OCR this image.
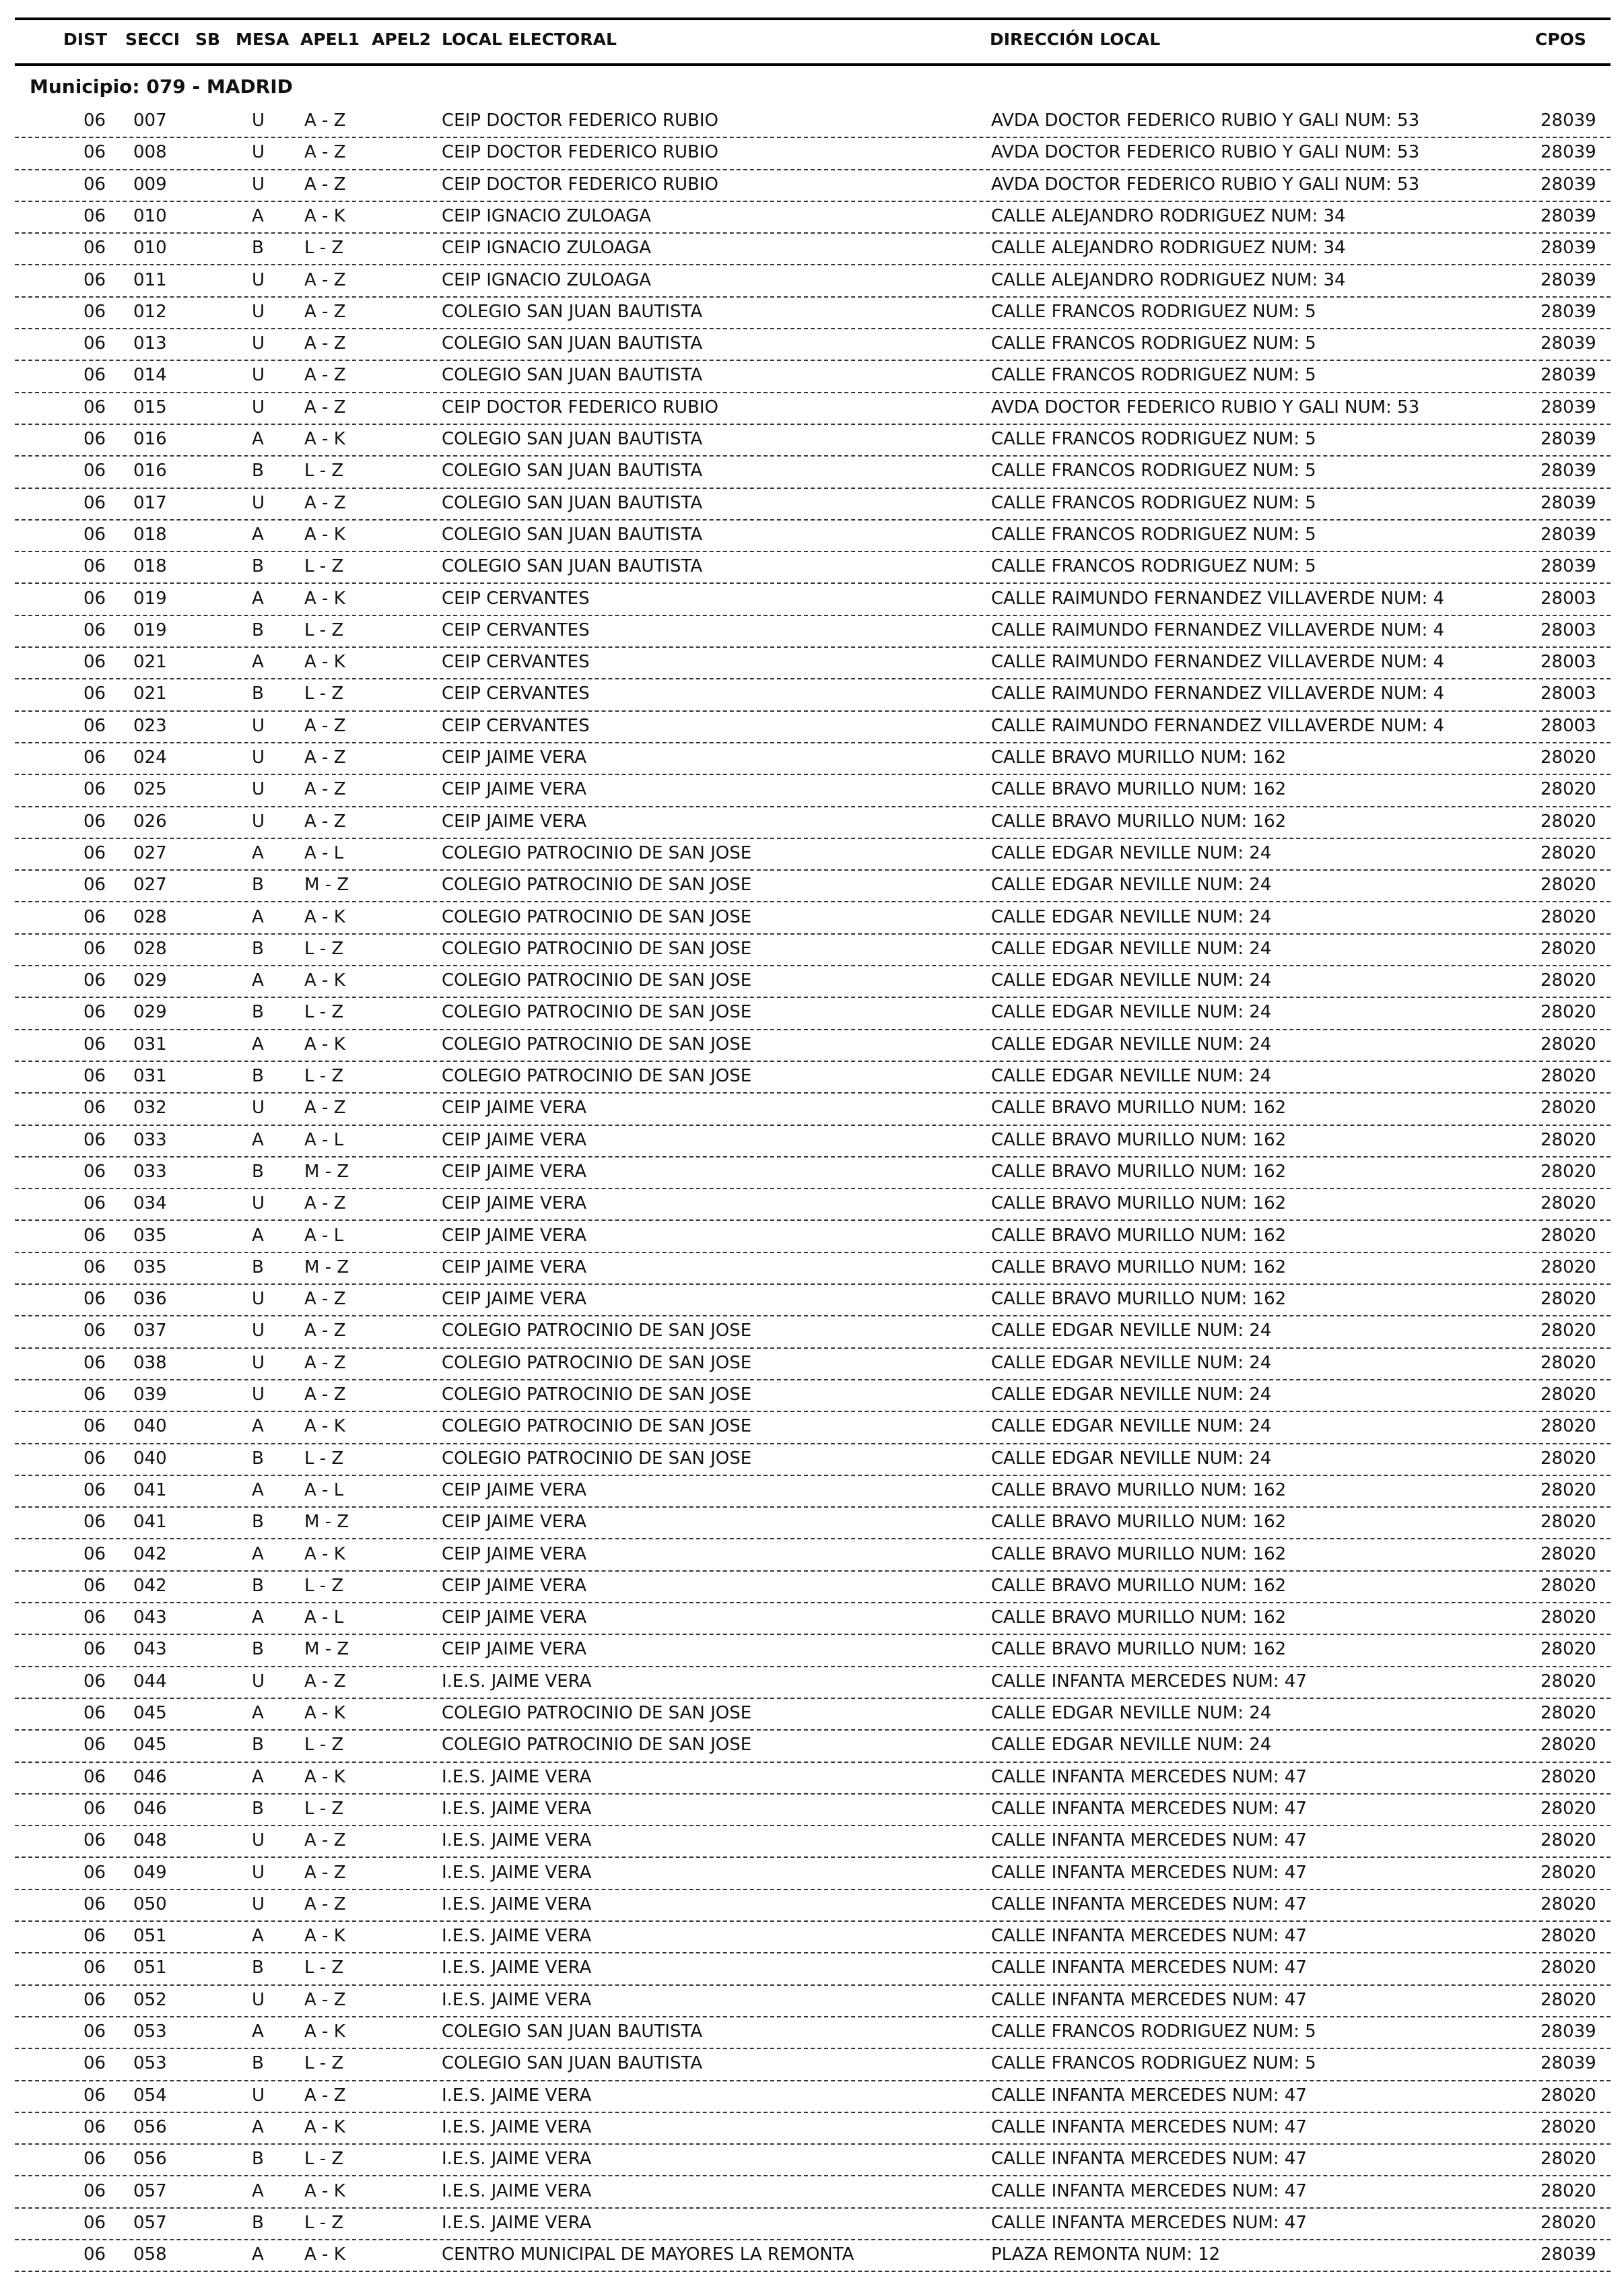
DIST SECCI SB MESA APEL1 APEL2 LOCAL ELECTORAL	DIRECCIÓN LOCAL	CPOS
Municipio: 079 - MADRID
06 007	U A - Z	CEIP DOCTOR FEDERICO RUBIO	AVDA DOCTOR FEDERICO RUBIO Y GALI NUM: 53	28039
06 008	U A - Z	CEIP DOCTOR FEDERICO RUBIO	AVDA DOCTOR FEDERICO RUBIO Y GALI NUM: 53	28039
06 009	U A - Z	CEIP DOCTOR FEDERICO RUBIO	AVDA DOCTOR FEDERICO RUBIO Y GALI NUM: 53	28039
06 010	A A - K	CEIP IGNACIO ZULOAGA	CALLE ALEJANDRO RODRIGUEZ NUM: 34	28039
06 010	B L - Z	CEIP IGNACIO ZULOAGA	CALLE ALEJANDRO RODRIGUEZ NUM: 34	28039
06 011	U A - Z	CEIP IGNACIO ZULOAGA	CALLE ALEJANDRO RODRIGUEZ NUM: 34	28039
06 012	U A - Z	COLEGIO SAN JUAN BAUTISTA	CALLE FRANCOS RODRIGUEZ NUM: 5	28039
06 013	U A - Z	COLEGIO SAN JUAN BAUTISTA	CALLE FRANCOS RODRIGUEZ NUM: 5	28039
06 014	U A - Z	COLEGIO SAN JUAN BAUTISTA	CALLE FRANCOS RODRIGUEZ NUM: 5	28039
06 015	U A - Z	CEIP DOCTOR FEDERICO RUBIO	AVDA DOCTOR FEDERICO RUBIO Y GALI NUM: 53	28039
06 016	A A - K	COLEGIO SAN JUAN BAUTISTA	CALLE FRANCOS RODRIGUEZ NUM: 5	28039
06 016	B L - Z	COLEGIO SAN JUAN BAUTISTA	CALLE FRANCOS RODRIGUEZ NUM: 5	28039
06 017	U A - Z	COLEGIO SAN JUAN BAUTISTA	CALLE FRANCOS RODRIGUEZ NUM: 5	28039
06 018	A A - K	COLEGIO SAN JUAN BAUTISTA	CALLE FRANCOS RODRIGUEZ NUM: 5	28039
06 018	B L - Z	COLEGIO SAN JUAN BAUTISTA	CALLE FRANCOS RODRIGUEZ NUM: 5	28039
06 019	A A - K	CEIP CERVANTES	CALLE RAIMUNDO FERNANDEZ VILLAVERDE NUM: 4	28003
06 019	B L - Z	CEIP CERVANTES	CALLE RAIMUNDO FERNANDEZ VILLAVERDE NUM: 4	28003
06 021	A A - K	CEIP CERVANTES	CALLE RAIMUNDO FERNANDEZ VILLAVERDE NUM: 4	28003
06 021	B L - Z	CEIP CERVANTES	CALLE RAIMUNDO FERNANDEZ VILLAVERDE NUM: 4	28003
06 023	U A - Z	CEIP CERVANTES	CALLE RAIMUNDO FERNANDEZ VILLAVERDE NUM: 4	28003
06 024	U A - Z	CEIP JAIME VERA	CALLE BRAVO MURILLO NUM: 162	28020
06 025	U A - Z	CEIP JAIME VERA	CALLE BRAVO MURILLO NUM: 162	28020
06 026	U A - Z	CEIP JAIME VERA	CALLE BRAVO MURILLO NUM: 162	28020
06 027	A A - L	COLEGIO PATROCINIO DE SAN JOSE	CALLE EDGAR NEVILLE NUM: 24	28020
06 027	B M - Z	COLEGIO PATROCINIO DE SAN JOSE	CALLE EDGAR NEVILLE NUM: 24	28020
06 028	A A - K	COLEGIO PATROCINIO DE SAN JOSE	CALLE EDGAR NEVILLE NUM: 24	28020
06 028	B L - Z	COLEGIO PATROCINIO DE SAN JOSE	CALLE EDGAR NEVILLE NUM: 24	28020
06 029	A A - K	COLEGIO PATROCINIO DE SAN JOSE	CALLE EDGAR NEVILLE NUM: 24	28020
06 029	B L - Z	COLEGIO PATROCINIO DE SAN JOSE	CALLE EDGAR NEVILLE NUM: 24	28020
06 031	A A - K	COLEGIO PATROCINIO DE SAN JOSE	CALLE EDGAR NEVILLE NUM: 24	28020
06 031	B L - Z	COLEGIO PATROCINIO DE SAN JOSE	CALLE EDGAR NEVILLE NUM: 24	28020
06 032	U A - Z	CEIP JAIME VERA	CALLE BRAVO MURILLO NUM: 162	28020
06 033	A A - L	CEIP JAIME VERA	CALLE BRAVO MURILLO NUM: 162	28020
06 033	B M - Z	CEIP JAIME VERA	CALLE BRAVO MURILLO NUM: 162	28020
06 034	U A - Z	CEIP JAIME VERA	CALLE BRAVO MURILLO NUM: 162	28020
06 035	A A - L	CEIP JAIME VERA	CALLE BRAVO MURILLO NUM: 162	28020
06 035	B M - Z	CEIP JAIME VERA	CALLE BRAVO MURILLO NUM: 162	28020
06 036	U A - Z	CEIP JAIME VERA	CALLE BRAVO MURILLO NUM: 162	28020
06 037	U A - Z	COLEGIO PATROCINIO DE SAN JOSE	CALLE EDGAR NEVILLE NUM: 24	28020
06 038	U A - Z	COLEGIO PATROCINIO DE SAN JOSE	CALLE EDGAR NEVILLE NUM: 24	28020
06 039	U A - Z	COLEGIO PATROCINIO DE SAN JOSE	CALLE EDGAR NEVILLE NUM: 24	28020
06 040	A A - K	COLEGIO PATROCINIO DE SAN JOSE	CALLE EDGAR NEVILLE NUM: 24	28020
06 040	B L - Z	COLEGIO PATROCINIO DE SAN JOSE	CALLE EDGAR NEVILLE NUM: 24	28020
06 041	A A - L	CEIP JAIME VERA	CALLE BRAVO MURILLO NUM: 162	28020
06 041	B M - Z	CEIP JAIME VERA	CALLE BRAVO MURILLO NUM: 162	28020
06 042	A A - K	CEIP JAIME VERA	CALLE BRAVO MURILLO NUM: 162	28020
06 042	B L - Z	CEIP JAIME VERA	CALLE BRAVO MURILLO NUM: 162	28020
06 043	A A - L	CEIP JAIME VERA	CALLE BRAVO MURILLO NUM: 162	28020
06 043	B M - Z	CEIP JAIME VERA	CALLE BRAVO MURILLO NUM: 162	28020
06 044	U A - Z	I.E.S. JAIME VERA	CALLE INFANTA MERCEDES NUM: 47	28020
06 045	A A - K	COLEGIO PATROCINIO DE SAN JOSE	CALLE EDGAR NEVILLE NUM: 24	28020
06 045	B L - Z	COLEGIO PATROCINIO DE SAN JOSE	CALLE EDGAR NEVILLE NUM: 24	28020
06 046	A A - K	I.E.S. JAIME VERA	CALLE INFANTA MERCEDES NUM: 47	28020
06 046	B L - Z	I.E.S. JAIME VERA	CALLE INFANTA MERCEDES NUM: 47	28020
06 048	U A - Z	I.E.S. JAIME VERA	CALLE INFANTA MERCEDES NUM: 47	28020
06 049	U A - Z	I.E.S. JAIME VERA	CALLE INFANTA MERCEDES NUM: 47	28020
06 050	U A - Z	I.E.S. JAIME VERA	CALLE INFANTA MERCEDES NUM: 47	28020
06 051	A A - K	I.E.S. JAIME VERA	CALLE INFANTA MERCEDES NUM: 47	28020
06 051	B L - Z	I.E.S. JAIME VERA	CALLE INFANTA MERCEDES NUM: 47	28020
06 052	U A - Z	I.E.S. JAIME VERA	CALLE INFANTA MERCEDES NUM: 47	28020
06 053	A A - K	COLEGIO SAN JUAN BAUTISTA	CALLE FRANCOS RODRIGUEZ NUM: 5	28039
06 053	B L - Z	COLEGIO SAN JUAN BAUTISTA	CALLE FRANCOS RODRIGUEZ NUM: 5	28039
06 054	U A - Z	I.E.S. JAIME VERA	CALLE INFANTA MERCEDES NUM: 47	28020
06 056	A A - K	I.E.S. JAIME VERA	CALLE INFANTA MERCEDES NUM: 47	28020
06 056	B L - Z	I.E.S. JAIME VERA	CALLE INFANTA MERCEDES NUM: 47	28020
06 057	A A - K	I.E.S. JAIME VERA	CALLE INFANTA MERCEDES NUM: 47	28020
06 057	B L - Z	I.E.S. JAIME VERA	CALLE INFANTA MERCEDES NUM: 47	28020
06 058	A A - K	CENTRO MUNICIPAL DE MAYORES LA REMONTA	PLAZA REMONTA NUM: 12	28039
